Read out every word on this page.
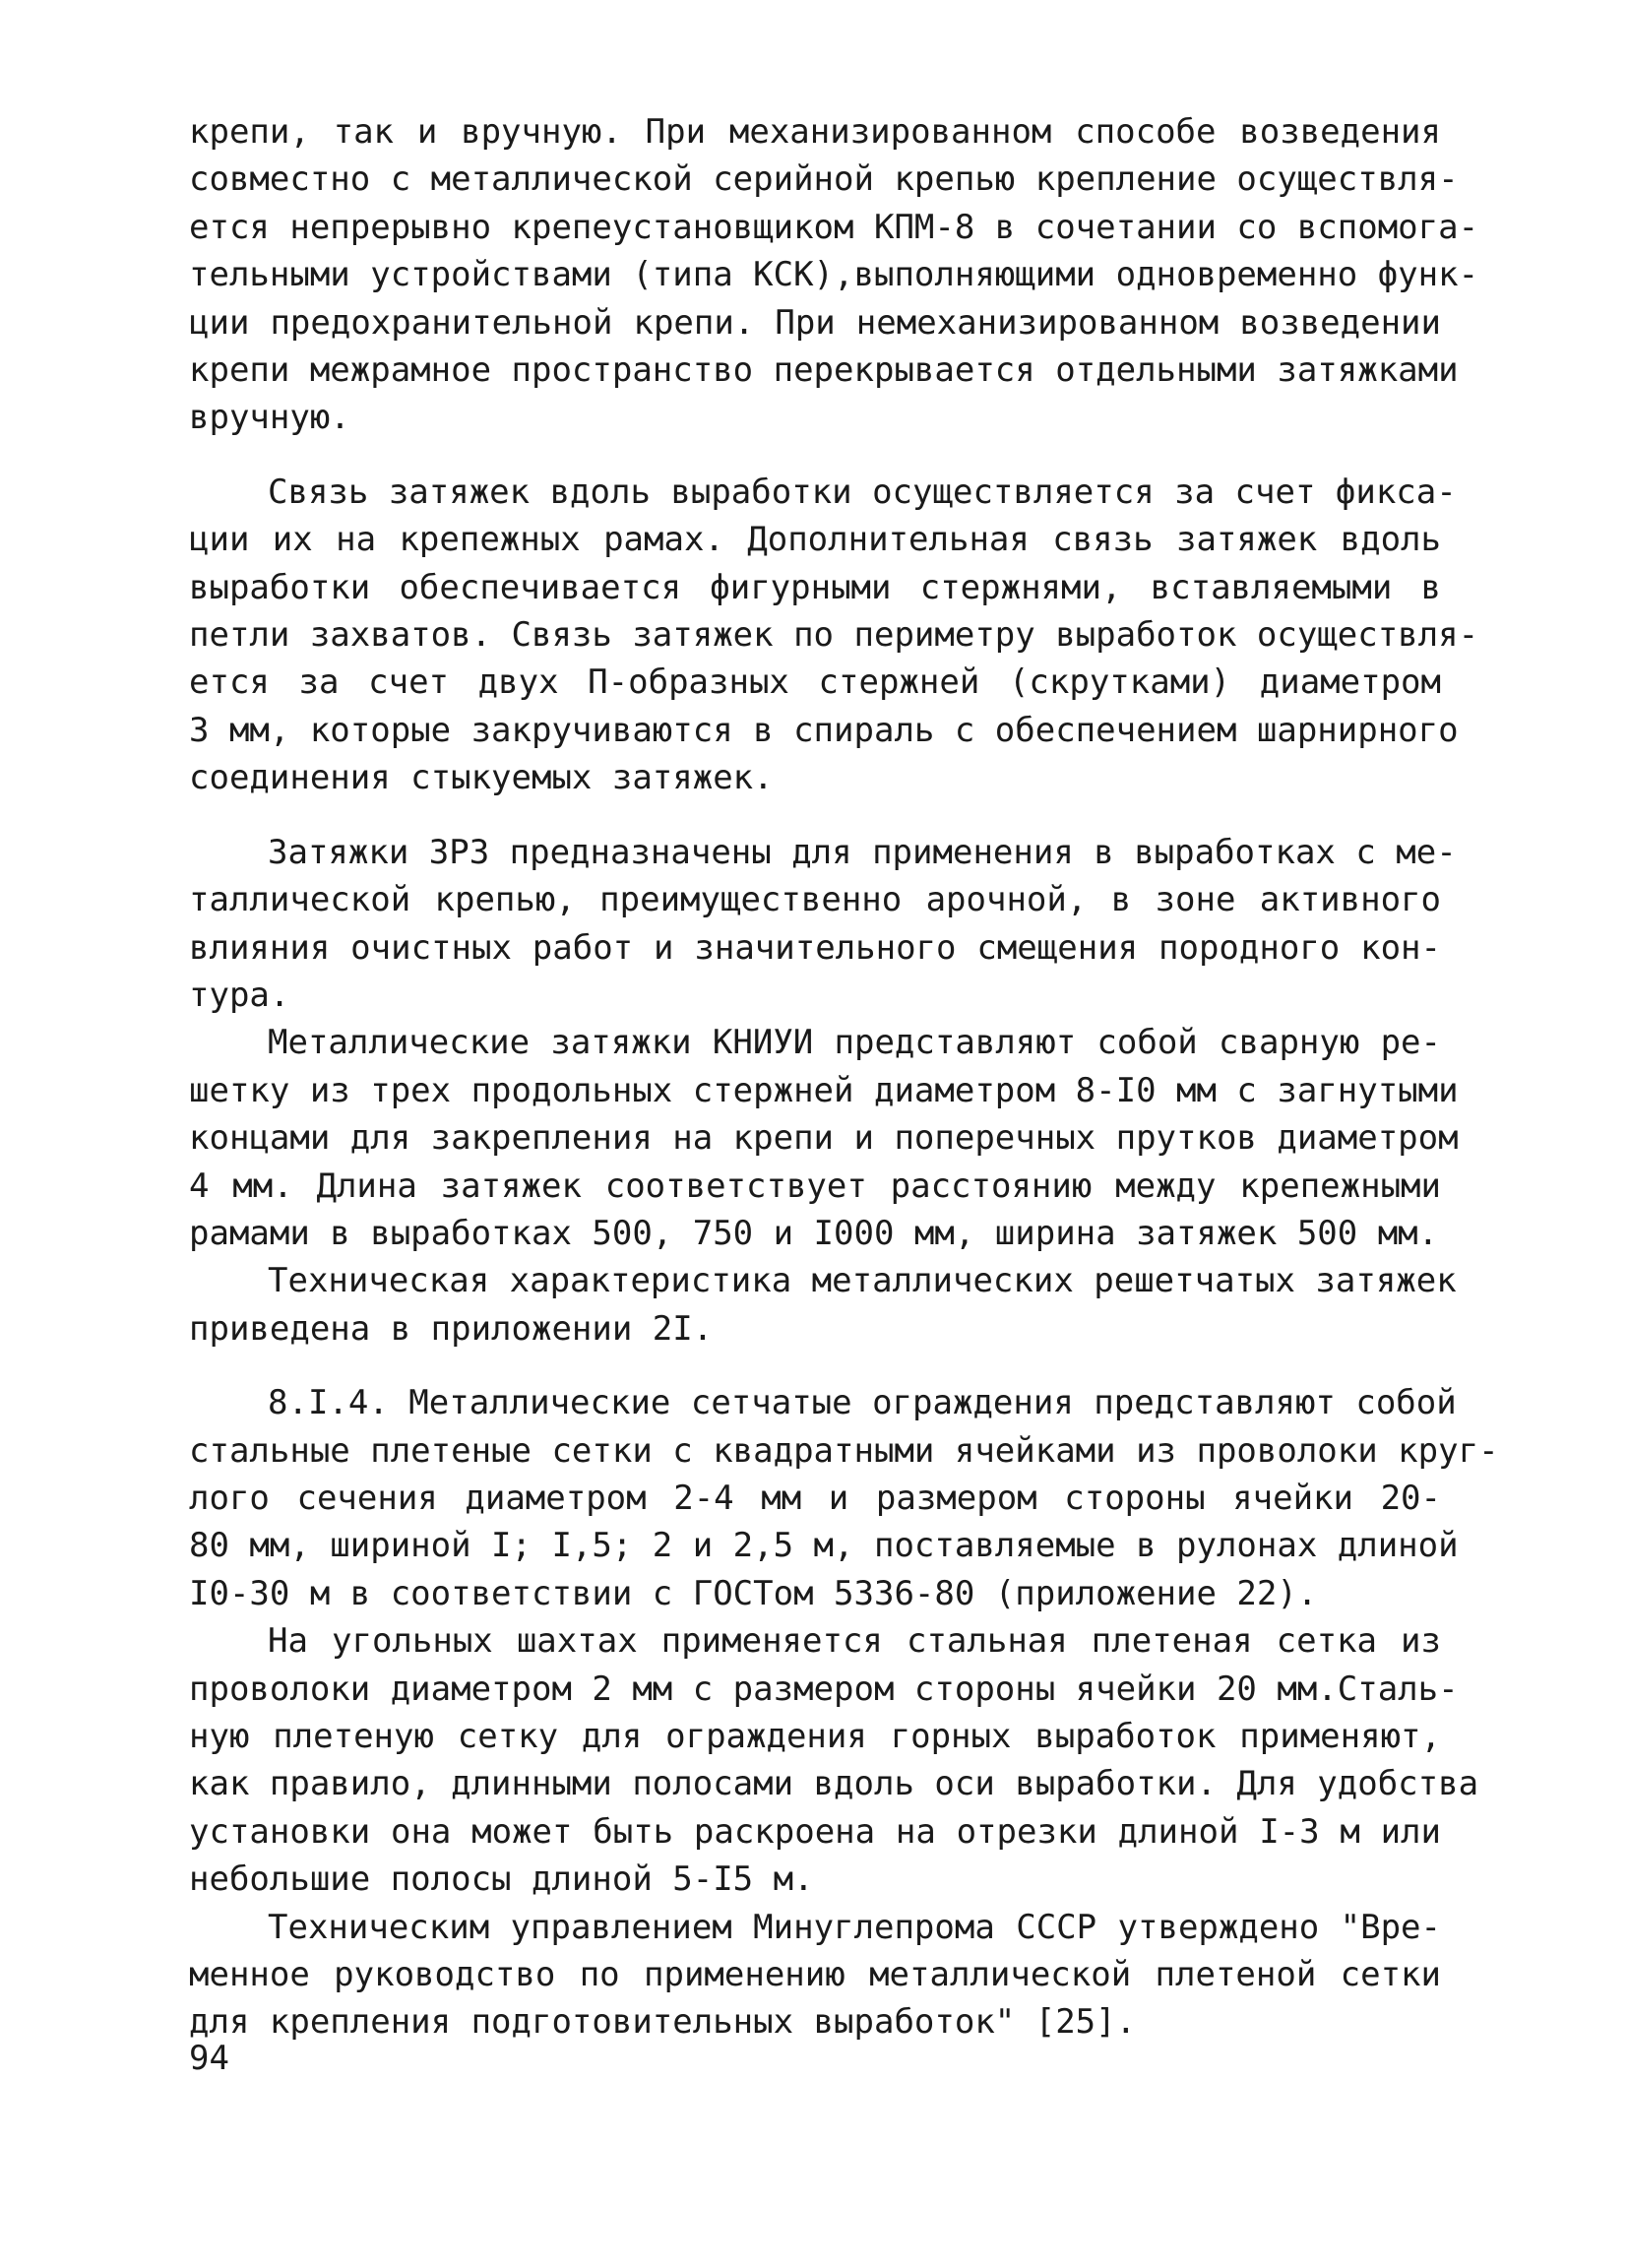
крепи, так и вручную. При механизированном способе возведения
совместно с металлической серийной крепью крепление осуществля-
ется непрерывно крепеустановщиком КПМ-8 в сочетании со вспомога-
тельными устройствами (типа КСК),выполняющими одновременно функ-
ции предохранительной крепи. При немеханизированном возведении
крепи межрамное пространство перекрывается отдельными затяжками
вручную.
Связь затяжек вдоль выработки осуществляется за счет фикса-
ции их на крепежных рамах. Дополнительная связь затяжек вдоль
выработки обеспечивается фигурными стержнями, вставляемыми в
петли захватов. Связь затяжек по периметру выработок осуществля-
ется за счет двух П-образных стержней (скрутками) диаметром
3 мм, которые закручиваются в спираль с обеспечением шарнирного
соединения стыкуемых затяжек.
Затяжки ЗРЗ предназначены для применения в выработках с ме-
таллической крепью, преимущественно арочной, в зоне активного
влияния очистных работ и значительного смещения породного кон-
тура.
Металлические затяжки КНИУИ представляют собой сварную ре-
шетку из трех продольных стержней диаметром 8-I0 мм с загнутыми
концами для закрепления на крепи и поперечных прутков диаметром
4 мм. Длина затяжек соответствует расстоянию между крепежными
рамами в выработках 500, 750 и I000 мм, ширина затяжек 500 мм.
Техническая характеристика металлических решетчатых затяжек
приведена в приложении 2I.
8.I.4. Металлические сетчатые ограждения представляют собой
стальные плетеные сетки с квадратными ячейками из проволоки круг-
лого сечения диаметром 2-4 мм и размером стороны ячейки 20-
80 мм, шириной I; I,5; 2 и 2,5 м, поставляемые в рулонах длиной
I0-30 м в соответствии с ГОСТом 5336-80 (приложение 22).
На угольных шахтах применяется стальная плетеная сетка из
проволоки диаметром 2 мм с размером стороны ячейки 20 мм.Сталь-
ную плетеную сетку для ограждения горных выработок применяют,
как правило, длинными полосами вдоль оси выработки. Для удобства
установки она может быть раскроена на отрезки длиной I-3 м или
небольшие полосы длиной 5-I5 м.
Техническим управлением Минуглепрома СССР утверждено "Вре-
менное руководство по применению металлической плетеной сетки
для крепления подготовительных выработок" [25].
94
